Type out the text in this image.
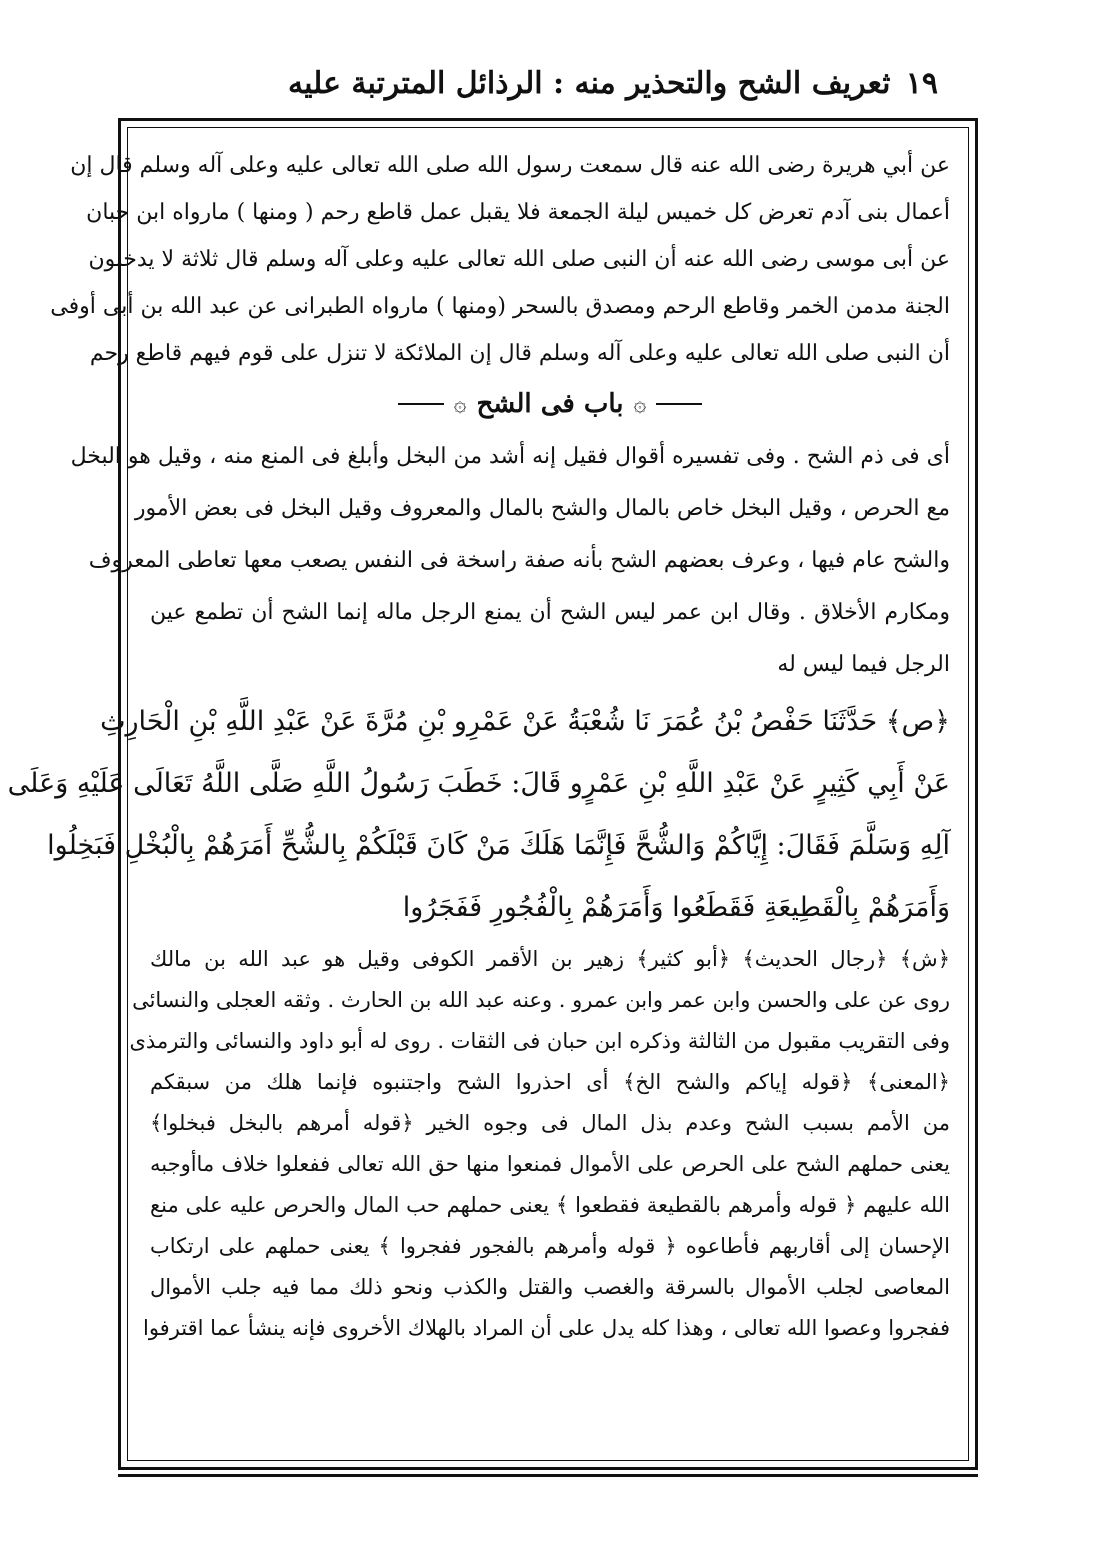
١٩
ثعريف الشح والتحذير منه : الرذائل المترتبة عليه
عن أبي هريرة رضى الله عنه قال سمعت رسول الله صلى الله تعالى عليه وعلى آله وسلم قال إن
أعمال بنى آدم تعرض كل خميس ليلة الجمعة فلا يقبل عمل قاطع رحم ( ومنها ) مارواه ابن حبان
عن أبى موسى رضى الله عنه أن النبى صلى الله تعالى عليه وعلى آله وسلم قال ثلاثة لا يدخلون
الجنة مدمن الخمر وقاطع الرحم ومصدق بالسحر (ومنها ) مارواه الطبرانى عن عبد الله بن أبى أوفى
أن النبى صلى الله تعالى عليه وعلى آله وسلم قال إن الملائكة لا تنزل على قوم فيهم قاطع رحم
۞
باب فى الشح
۞
أى فى ذم الشح . وفى تفسيره أقوال فقيل إنه أشد من البخل وأبلغ فى المنع منه ، وقيل هو البخل
مع الحرص ، وقيل البخل خاص بالمال والشح بالمال والمعروف وقيل البخل فى بعض الأمور
والشح عام فيها ، وعرف بعضهم الشح بأنه صفة راسخة فى النفس يصعب معها تعاطى المعروف
ومكارم الأخلاق . وقال ابن عمر ليس الشح أن يمنع الرجل ماله إنما الشح أن تطمع عين
الرجل فيما ليس له
﴿ص﴾ حَدَّثَنَا حَفْصُ بْنُ عُمَرَ نَا شُعْبَةُ عَنْ عَمْرِو بْنِ مُرَّةَ عَنْ عَبْدِ اللَّهِ بْنِ الْحَارِثِ
عَنْ أَبِي كَثِيرٍ عَنْ عَبْدِ اللَّهِ بْنِ عَمْرٍو قَالَ: خَطَبَ رَسُولُ اللَّهِ صَلَّى اللَّهُ تَعَالَى عَلَيْهِ وَعَلَى
آلِهِ وَسَلَّمَ فَقَالَ: إِيَّاكُمْ وَالشُّحَّ فَإِنَّمَا هَلَكَ مَنْ كَانَ قَبْلَكُمْ بِالشُّحِّ أَمَرَهُمْ بِالْبُخْلِ فَبَخِلُوا
وَأَمَرَهُمْ بِالْقَطِيعَةِ فَقَطَعُوا وَأَمَرَهُمْ بِالْفُجُورِ فَفَجَرُوا
﴿ش﴾ ﴿رجال الحديث﴾ ﴿أبو كثير﴾ زهير بن الأقمر الكوفى وقيل هو عبد الله بن مالك
روى عن على والحسن وابن عمر وابن عمرو . وعنه عبد الله بن الحارث . وثقه العجلى والنسائى
وفى التقريب مقبول من الثالثة وذكره ابن حبان فى الثقات . روى له أبو داود والنسائى والترمذى
﴿المعنى﴾ ﴿قوله إياكم والشح الخ﴾ أى احذروا الشح واجتنبوه فإنما هلك من سبقكم
من الأمم بسبب الشح وعدم بذل المال فى وجوه الخير ﴿قوله أمرهم بالبخل فبخلوا﴾
يعنى حملهم الشح على الحرص على الأموال فمنعوا منها حق الله تعالى ففعلوا خلاف ماأوجبه
الله عليهم ﴿ قوله وأمرهم بالقطيعة فقطعوا ﴾ يعنى حملهم حب المال والحرص عليه على منع
الإحسان إلى أقاربهم فأطاعوه ﴿ قوله وأمرهم بالفجور ففجروا ﴾ يعنى حملهم على ارتكاب
المعاصى لجلب الأموال بالسرقة والغصب والقتل والكذب ونحو ذلك مما فيه جلب الأموال
ففجروا وعصوا الله تعالى ، وهذا كله يدل على أن المراد بالهلاك الأخروى فإنه ينشأ عما اقترفوا
